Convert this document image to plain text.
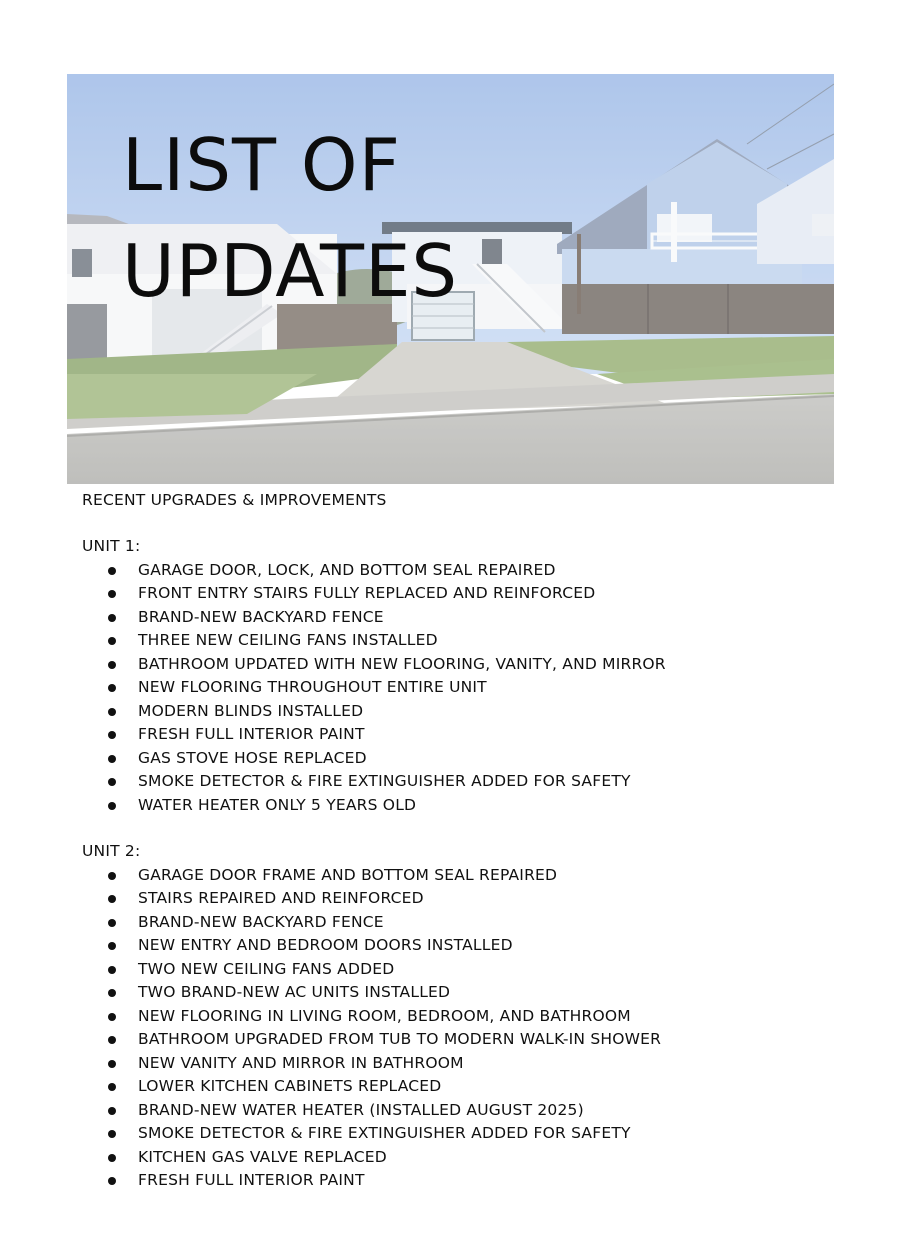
LIST OF
UPDATES
RECENT UPGRADES & IMPROVEMENTS
UNIT 1:
GARAGE DOOR, LOCK, AND BOTTOM SEAL REPAIRED
FRONT ENTRY STAIRS FULLY REPLACED AND REINFORCED
BRAND-NEW BACKYARD FENCE
THREE NEW CEILING FANS INSTALLED
BATHROOM UPDATED WITH NEW FLOORING, VANITY, AND MIRROR
NEW FLOORING THROUGHOUT ENTIRE UNIT
MODERN BLINDS INSTALLED
FRESH FULL INTERIOR PAINT
GAS STOVE HOSE REPLACED
SMOKE DETECTOR & FIRE EXTINGUISHER ADDED FOR SAFETY
WATER HEATER ONLY 5 YEARS OLD
UNIT 2:
GARAGE DOOR FRAME AND BOTTOM SEAL REPAIRED
STAIRS REPAIRED AND REINFORCED
BRAND-NEW BACKYARD FENCE
NEW ENTRY AND BEDROOM DOORS INSTALLED
TWO NEW CEILING FANS ADDED
TWO BRAND-NEW AC UNITS INSTALLED
NEW FLOORING IN LIVING ROOM, BEDROOM, AND BATHROOM
BATHROOM UPGRADED FROM TUB TO MODERN WALK-IN SHOWER
NEW VANITY AND MIRROR IN BATHROOM
LOWER KITCHEN CABINETS REPLACED
BRAND-NEW WATER HEATER (INSTALLED AUGUST 2025)
SMOKE DETECTOR & FIRE EXTINGUISHER ADDED FOR SAFETY
KITCHEN GAS VALVE REPLACED
FRESH FULL INTERIOR PAINT
